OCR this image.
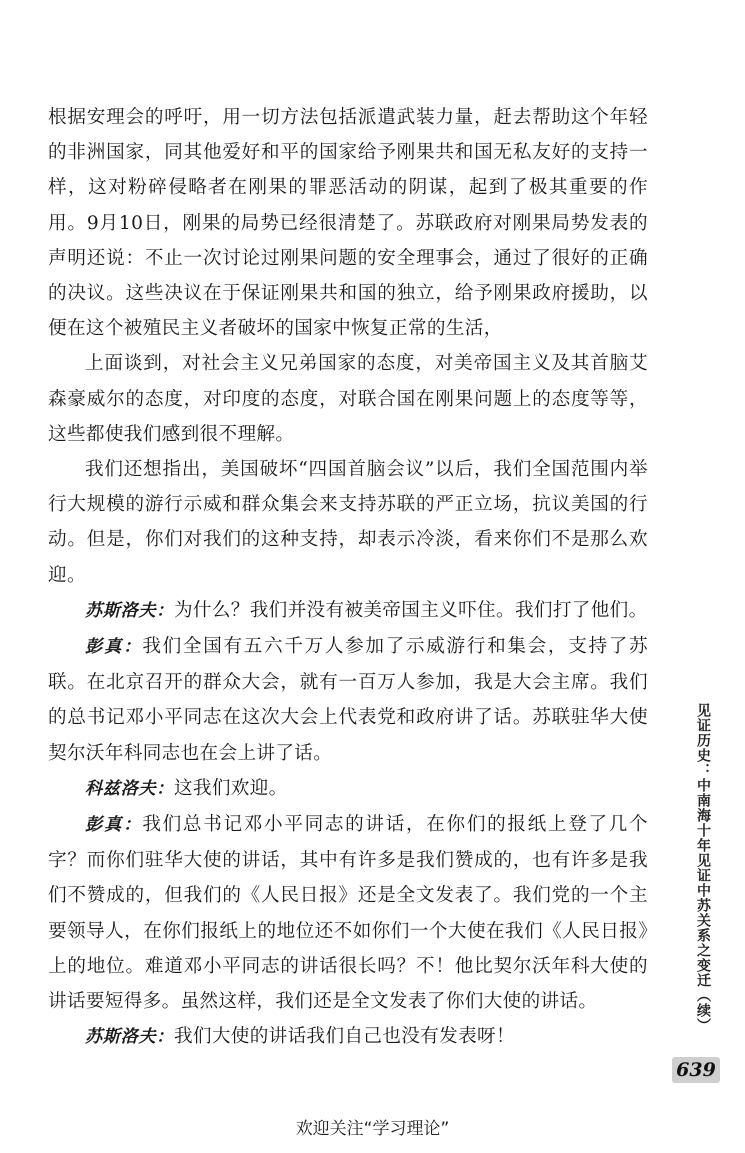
根据安理会的呼吁，用一切方法包括派遣武装力量，赶去帮助这个年轻的非洲国家，同其他爱好和平的国家给予刚果共和国无私友好的支持一样，这对粉碎侵略者在刚果的罪恶活动的阴谋，起到了极其重要的作用。9月10日，刚果的局势已经很清楚了。苏联政府对刚果局势发表的声明还说：不止一次讨论过刚果问题的安全理事会，通过了很好的正确的决议。这些决议在于保证刚果共和国的独立，给予刚果政府援助，以便在这个被殖民主义者破坏的国家中恢复正常的生活，

上面谈到，对社会主义兄弟国家的态度，对美帝国主义及其首脑艾森豪威尔的态度，对印度的态度，对联合国在刚果问题上的态度等等，这些都使我们感到很不理解。

我们还想指出，美国破坏“四国首脑会议”以后，我们全国范围内举行大规模的游行示威和群众集会来支持苏联的严正立场，抗议美国的行动。但是，你们对我们的这种支持，却表示冷淡，看来你们不是那么欢迎。

苏斯洛夫：为什么？我们并没有被美帝国主义吓住。我们打了他们。

彭真：我们全国有五六千万人参加了示威游行和集会，支持了苏联。在北京召开的群众大会，就有一百万人参加，我是大会主席。我们的总书记邓小平同志在这次大会上代表党和政府讲了话。苏联驻华大使契尔沃年科同志也在会上讲了话。

科兹洛夫：这我们欢迎。

彭真：我们总书记邓小平同志的讲话，在你们的报纸上登了几个字？而你们驻华大使的讲话，其中有许多是我们赞成的，也有许多是我们不赞成的，但我们的《人民日报》还是全文发表了。我们党的一个主要领导人，在你们报纸上的地位还不如你们一个大使在我们《人民日报》上的地位。难道邓小平同志的讲话很长吗？不！他比契尔沃年科大使的讲话要短得多。虽然这样，我们还是全文发表了你们大使的讲话。

苏斯洛夫：我们大使的讲话我们自己也没有发表呀！

见证历史：中南海十年见证中苏关系之变迁（续）
639
欢迎关注“学习理论”
